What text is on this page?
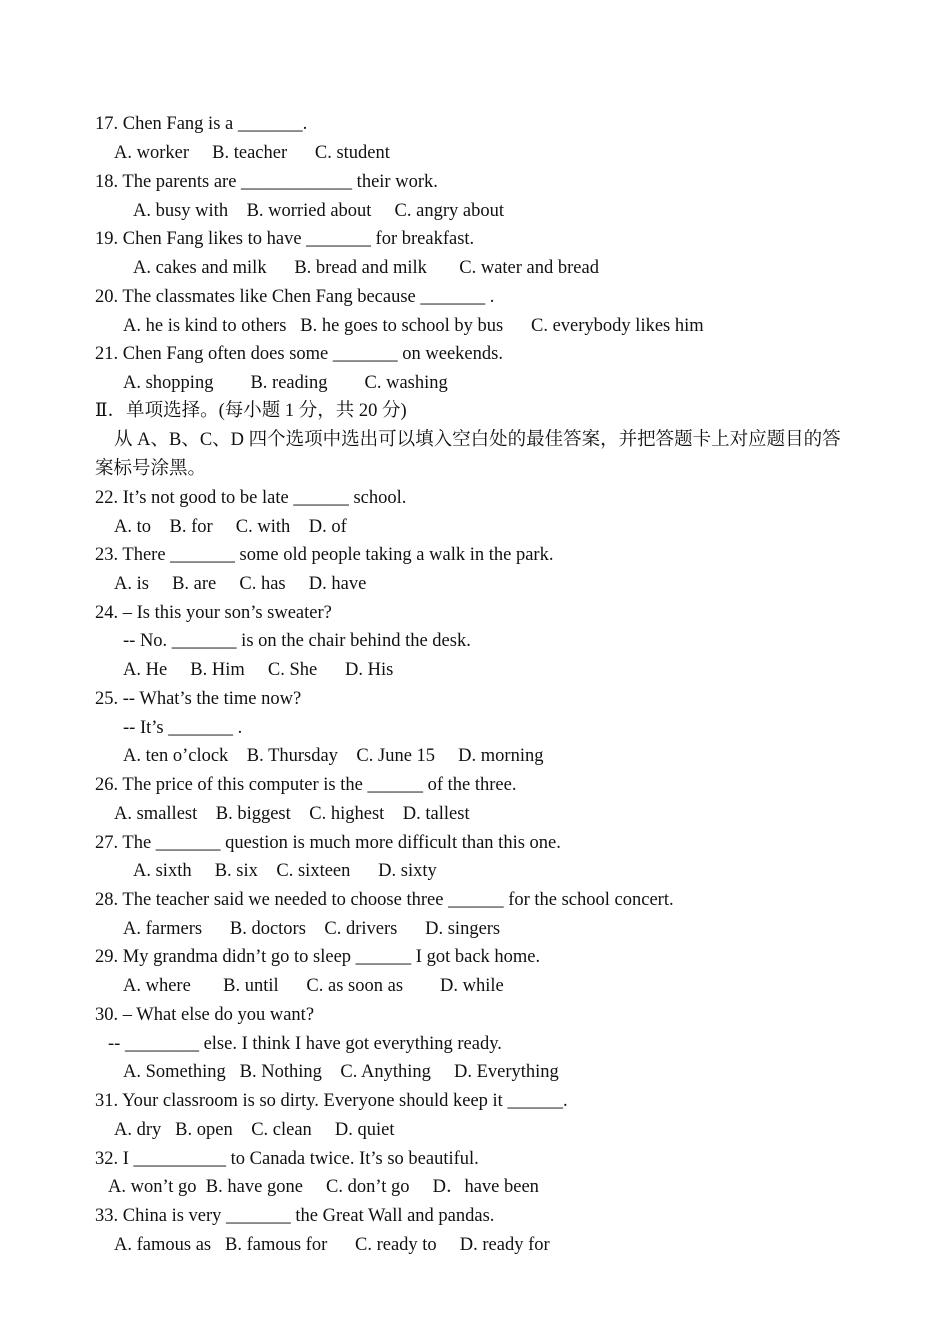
17. Chen Fang is a _______.
A. worker     B. teacher      C. student
18. The parents are ____________ their work.
A. busy with    B. worried about     C. angry about
19. Chen Fang likes to have _______ for breakfast.
A. cakes and milk      B. bread and milk       C. water and bread
20. The classmates like Chen Fang because _______ .
A. he is kind to others   B. he goes to school by bus      C. everybody likes him
21. Chen Fang often does some _______ on weekends.
A. shopping        B. reading        C. washing
Ⅱ．单项选择。(每小题 1 分，共 20 分)
从 A、B、C、D 四个选项中选出可以填入空白处的最佳答案，并把答题卡上对应题目的答
案标号涂黑。
22. It’s not good to be late ______ school.
A. to    B. for     C. with    D. of
23. There _______ some old people taking a walk in the park.
A. is     B. are     C. has     D. have
24. – Is this your son’s sweater?
-- No. _______ is on the chair behind the desk.
A. He     B. Him     C. She      D. His
25. -- What’s the time now?
-- It’s _______ .
A. ten o’clock    B. Thursday    C. June 15     D. morning
26. The price of this computer is the ______ of the three.
A. smallest    B. biggest    C. highest    D. tallest
27. The _______ question is much more difficult than this one.
A. sixth     B. six    C. sixteen      D. sixty
28. The teacher said we needed to choose three ______ for the school concert.
A. farmers      B. doctors    C. drivers      D. singers
29. My grandma didn’t go to sleep ______ I got back home.
A. where       B. until      C. as soon as        D. while
30. – What else do you want?
-- ________ else. I think I have got everything ready.
A. Something   B. Nothing    C. Anything     D. Everything
31. Your classroom is so dirty. Everyone should keep it ______.
A. dry   B. open    C. clean     D. quiet
32. I __________ to Canada twice. It’s so beautiful.
A. won’t go  B. have gone     C. don’t go     D．have been
33. China is very _______ the Great Wall and pandas.
A. famous as   B. famous for      C. ready to     D. ready for
